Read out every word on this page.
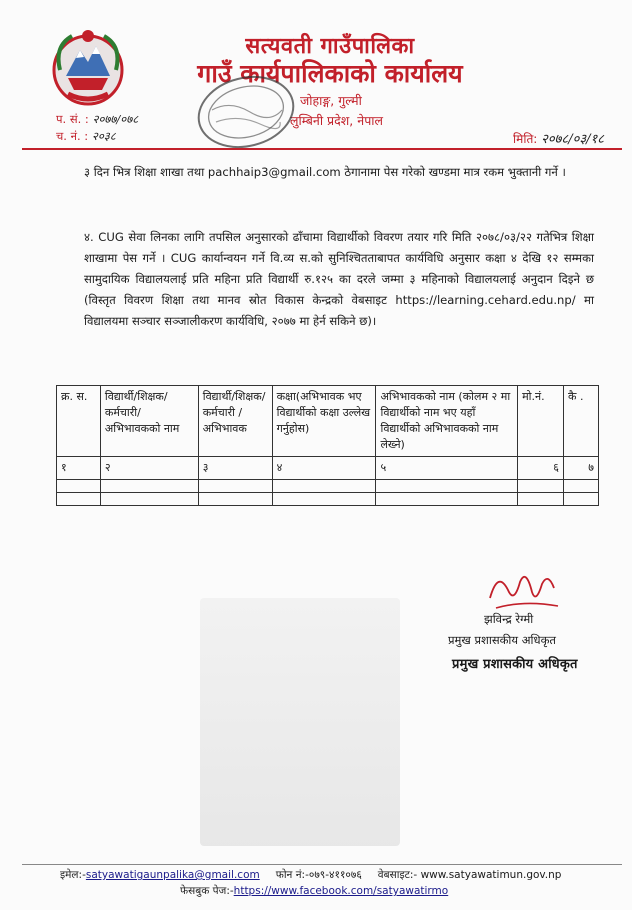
सत्यवती गाउँपालिका
गाउँ कार्यपालिकाको कार्यालय
जोहाङ्ग, गुल्मी
लुम्बिनी प्रदेश, नेपाल
प. सं. : २०७७/०७८
च. नं. : २०३८	मिति: २०७८/०३/१८

३ दिन भित्र शिक्षा शाखा तथा pachhaip3@gmail.com ठेगानामा पेस गरेको खण्डमा मात्र रकम भुक्तानी गर्ने ।

४. CUG सेवा लिनका लागि तपसिल अनुसारको ढाँचामा विद्यार्थीको विवरण तयार गरि मिति २०७८/०३/२२ गतेभित्र शिक्षा शाखामा पेस गर्ने । CUG कार्यान्वयन गर्ने वि.व्य स.को सुनिश्चितताबापत कार्यविधि अनुसार कक्षा ४ देखि १२ सम्मका सामुदायिक विद्यालयलाई प्रति महिना प्रति विद्यार्थी रु.१२५ का दरले जम्मा ३ महिनाको विद्यालयलाई अनुदान दिइने छ (विस्तृत विवरण शिक्षा तथा मानव स्रोत विकास केन्द्रको वेबसाइट https://learning.cehard.edu.np/ मा विद्यालयमा सञ्चार सञ्जालीकरण कार्यविधि, २०७७ मा हेर्न सकिने छ)।

क्र. स.	विद्यार्थी/शिक्षक/ कर्मचारी/अभिभावकको नाम	विद्यार्थी/शिक्षक/ कर्मचारी /अभिभावक	कक्षा(अभिभावक भए विद्यार्थीको कक्षा उल्लेख गर्नुहोस)	अभिभावकको नाम (कोलम २ मा विद्यार्थीको नाम भए यहाँ विद्यार्थीको अभिभावकको नाम लेख्ने)	मो.नं.	कै .
१	२	३	४	५	६	७

झविन्द्र रेग्मी
प्रमुख प्रशासकीय अधिकृत
प्रमुख प्रशासकीय अधिकृत
इमेल:-satyawatigaunpalika@gmail.com फोन नं:-०७९-४११०७६ वेबसाइट:- www.satyawatimun.gov.np
फेसबुक पेज:-https://www.facebook.com/satyawatirmo
